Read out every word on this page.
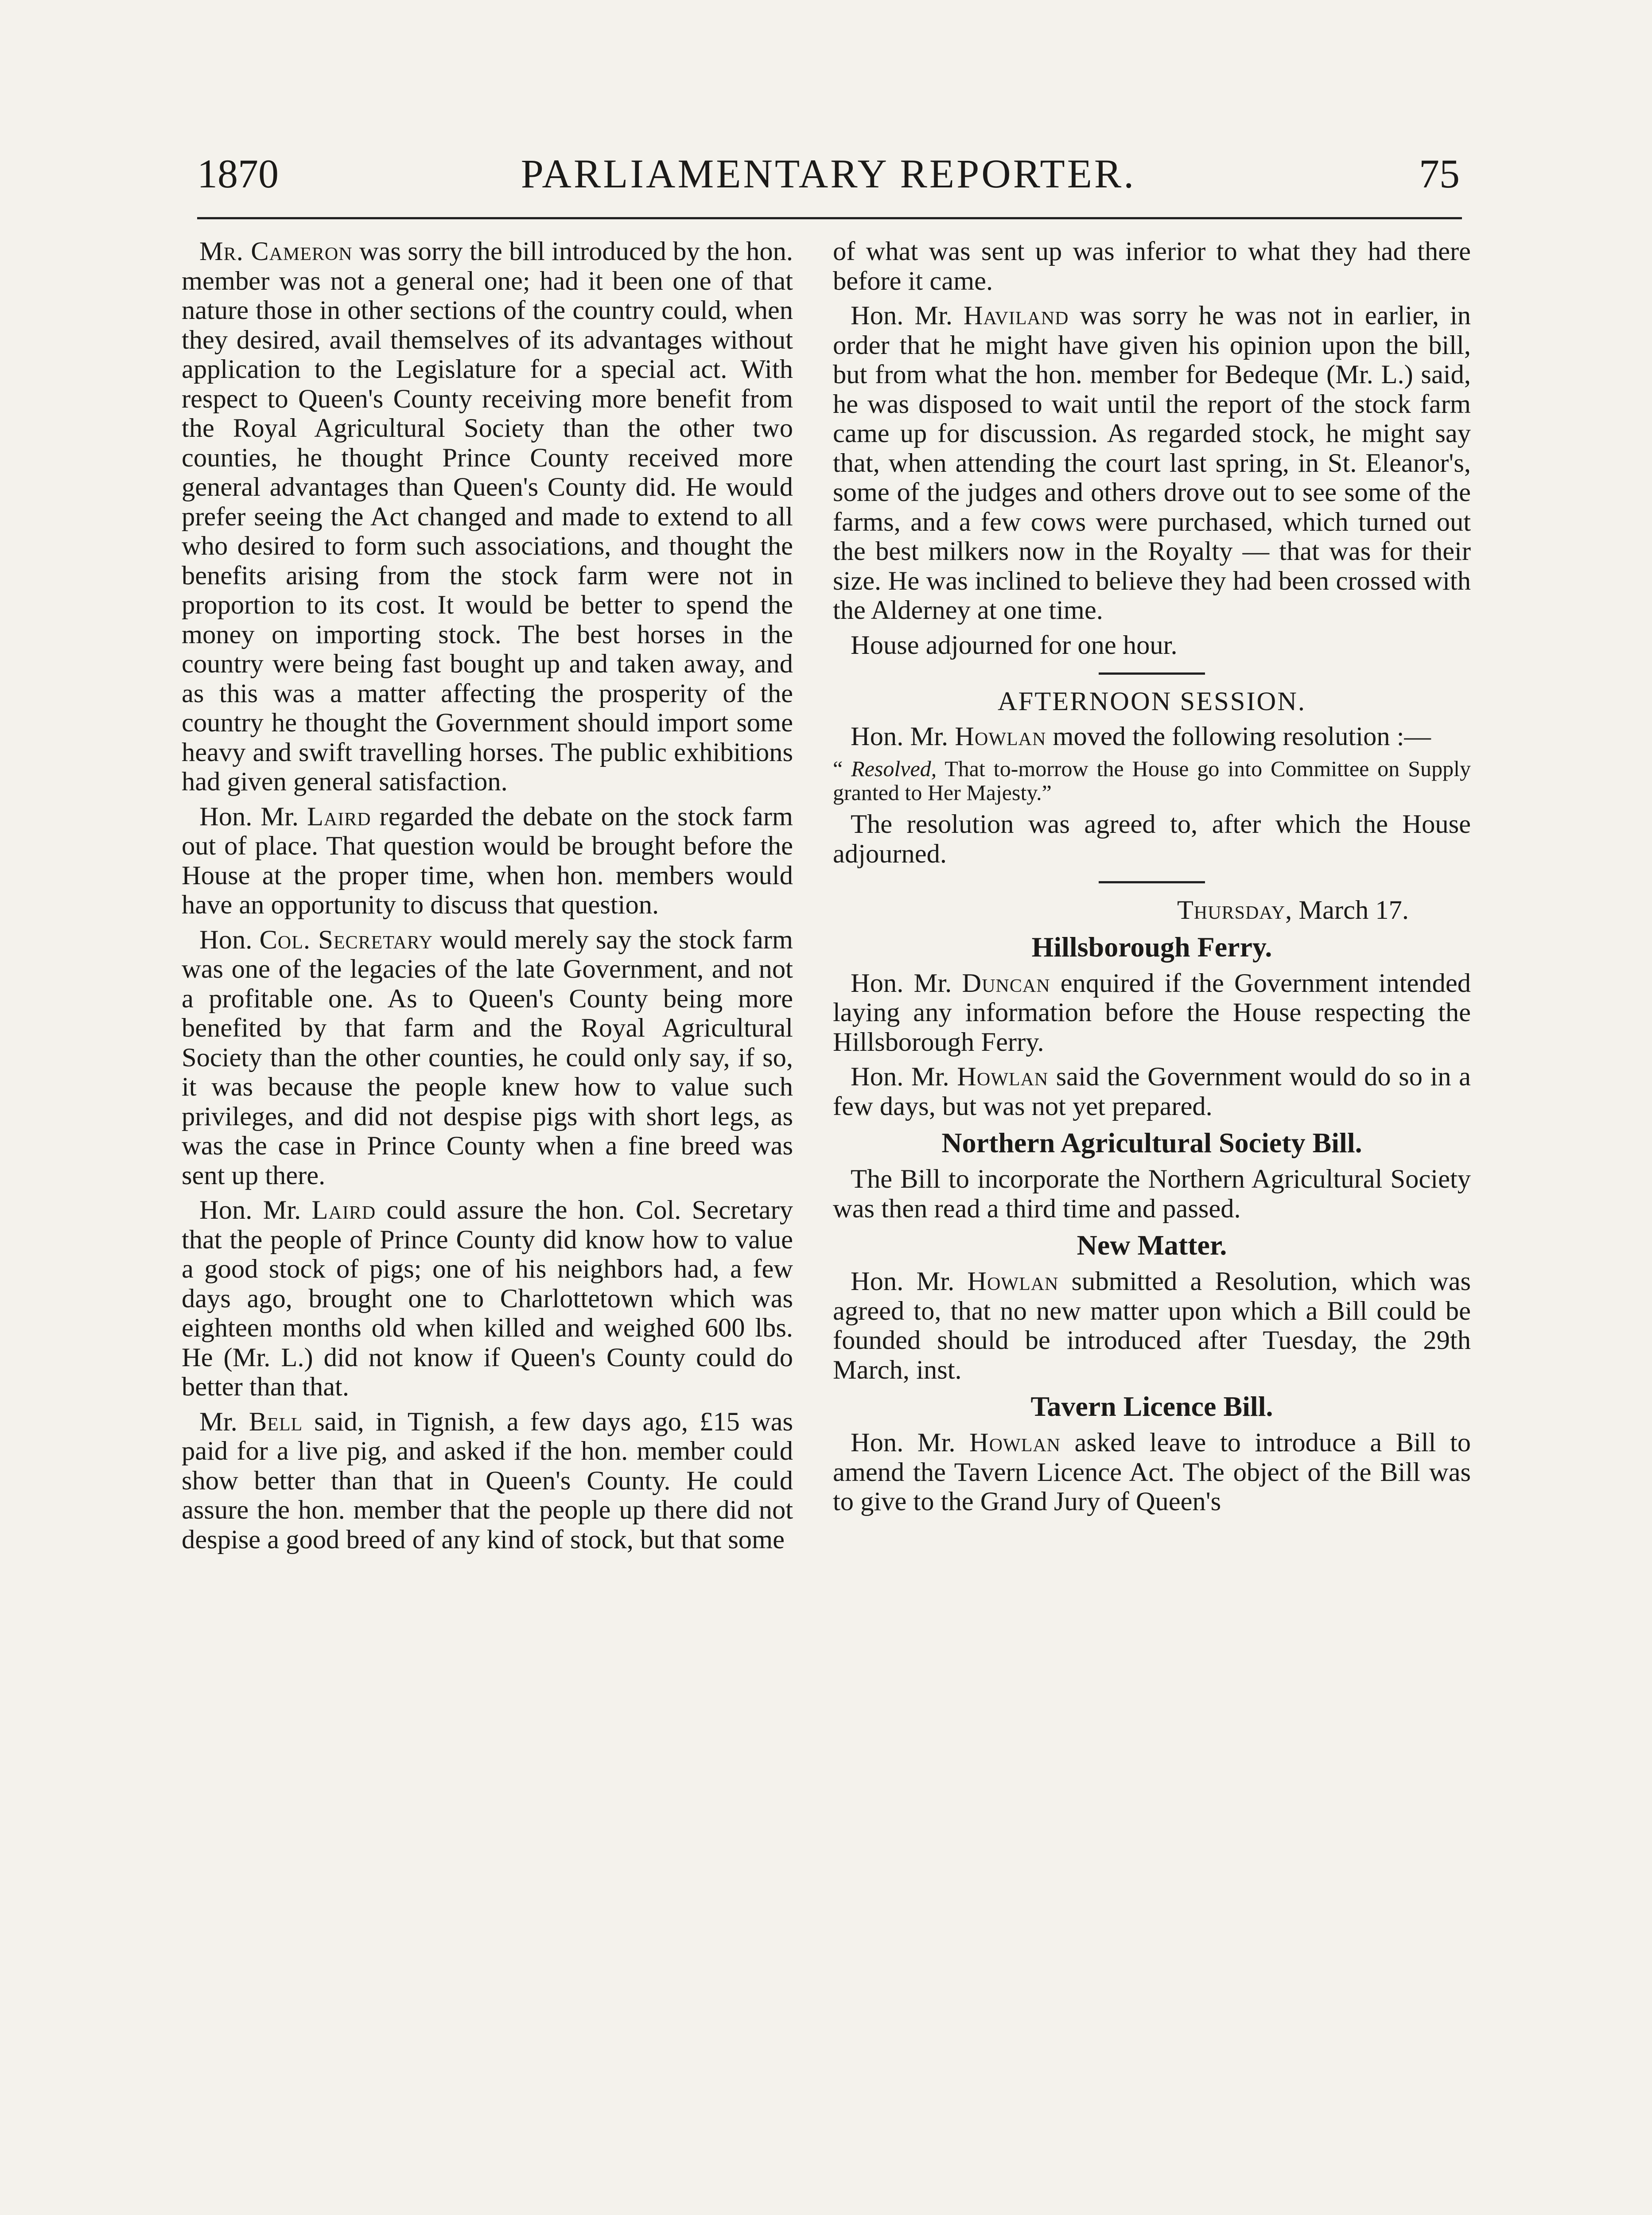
1870	PARLIAMENTARY REPORTER.	75

Mr. Cameron was sorry the bill introduced by the hon. member was not a general one; had it been one of that nature those in other sections of the country could, when they desired, avail themselves of its advantages without application to the Legislature for a special act. With respect to Queen's County receiving more benefit from the Royal Agricultural Society than the other two counties, he thought Prince County received more general advantages than Queen's County did. He would prefer seeing the Act changed and made to extend to all who desired to form such associations, and thought the benefits arising from the stock farm were not in proportion to its cost. It would be better to spend the money on importing stock. The best horses in the country were being fast bought up and taken away, and as this was a matter affecting the prosperity of the country he thought the Government should import some heavy and swift travelling horses. The public exhibitions had given general satisfaction.

Hon. Mr. Laird regarded the debate on the stock farm out of place. That question would be brought before the House at the proper time, when hon. members would have an opportunity to discuss that question.

Hon. Col. Secretary would merely say the stock farm was one of the legacies of the late Government, and not a profitable one. As to Queen's County being more benefited by that farm and the Royal Agricultural Society than the other counties, he could only say, if so, it was because the people knew how to value such privileges, and did not despise pigs with short legs, as was the case in Prince County when a fine breed was sent up there.

Hon. Mr. Laird could assure the hon. Col. Secretary that the people of Prince County did know how to value a good stock of pigs; one of his neighbors had, a few days ago, brought one to Charlottetown which was eighteen months old when killed and weighed 600 lbs. He (Mr. L.) did not know if Queen's County could do better than that.

Mr. Bell said, in Tignish, a few days ago, £15 was paid for a live pig, and asked if the hon. member could show better than that in Queen's County. He could assure the hon. member that the people up there did not despise a good breed of any kind of stock, but that some

of what was sent up was inferior to what they had there before it came.

Hon. Mr. Haviland was sorry he was not in earlier, in order that he might have given his opinion upon the bill, but from what the hon. member for Bedeque (Mr. L.) said, he was disposed to wait until the report of the stock farm came up for discussion. As regarded stock, he might say that, when attending the court last spring, in St. Eleanor's, some of the judges and others drove out to see some of the farms, and a few cows were purchased, which turned out the best milkers now in the Royalty — that was for their size. He was inclined to believe they had been crossed with the Alderney at one time.

House adjourned for one hour.

AFTERNOON SESSION.

Hon. Mr. Howlan moved the following resolution :—

“ Resolved, That to-morrow the House go into Committee on Supply granted to Her Majesty.”

The resolution was agreed to, after which the House adjourned.

Thursday, March 17.

Hillsborough Ferry.

Hon. Mr. Duncan enquired if the Government intended laying any information before the House respecting the Hillsborough Ferry.

Hon. Mr. Howlan said the Government would do so in a few days, but was not yet prepared.

Northern Agricultural Society Bill.

The Bill to incorporate the Northern Agricultural Society was then read a third time and passed.

New Matter.

Hon. Mr. Howlan submitted a Resolution, which was agreed to, that no new matter upon which a Bill could be founded should be introduced after Tuesday, the 29th March, inst.

Tavern Licence Bill.

Hon. Mr. Howlan asked leave to introduce a Bill to amend the Tavern Licence Act. The object of the Bill was to give to the Grand Jury of Queen's
